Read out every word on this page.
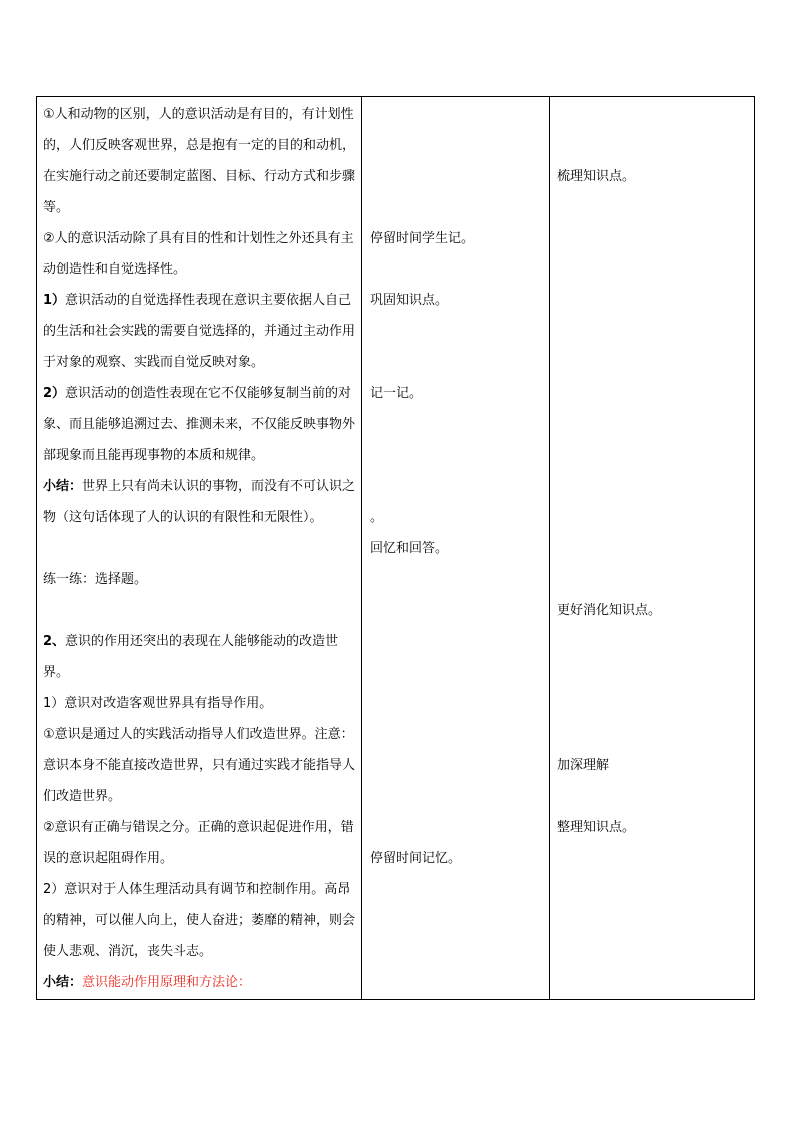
①人和动物的区别，人的意识活动是有目的，有计划性的，人们反映客观世界，总是抱有一定的目的和动机，在实施行动之前还要制定蓝图、目标、行动方式和步骤等。

②人的意识活动除了具有目的性和计划性之外还具有主动创造性和自觉选择性。

1）意识活动的自觉选择性表现在意识主要依据人自己的生活和社会实践的需要自觉选择的，并通过主动作用于对象的观察、实践而自觉反映对象。

2）意识活动的创造性表现在它不仅能够复制当前的对象、而且能够追溯过去、推测未来，不仅能反映事物外部现象而且能再现事物的本质和规律。

小结：世界上只有尚未认识的事物，而没有不可认识之物（这句话体现了人的认识的有限性和无限性）。

练一练：选择题。

2、意识的作用还突出的表现在人能够能动的改造世界。

1）意识对改造客观世界具有指导作用。

①意识是通过人的实践活动指导人们改造世界。注意：意识本身不能直接改造世界，只有通过实践才能指导人们改造世界。

②意识有正确与错误之分。正确的意识起促进作用，错误的意识起阻碍作用。

2）意识对于人体生理活动具有调节和控制作用。高昂的精神，可以催人向上，使人奋进；萎靡的精神，则会使人悲观、消沉，丧失斗志。

小结：意识能动作用原理和方法论：

停留时间学生记。

巩固知识点。

记一记。

。

回忆和回答。

停留时间记忆。

梳理知识点。

更好消化知识点。

加深理解

整理知识点。
